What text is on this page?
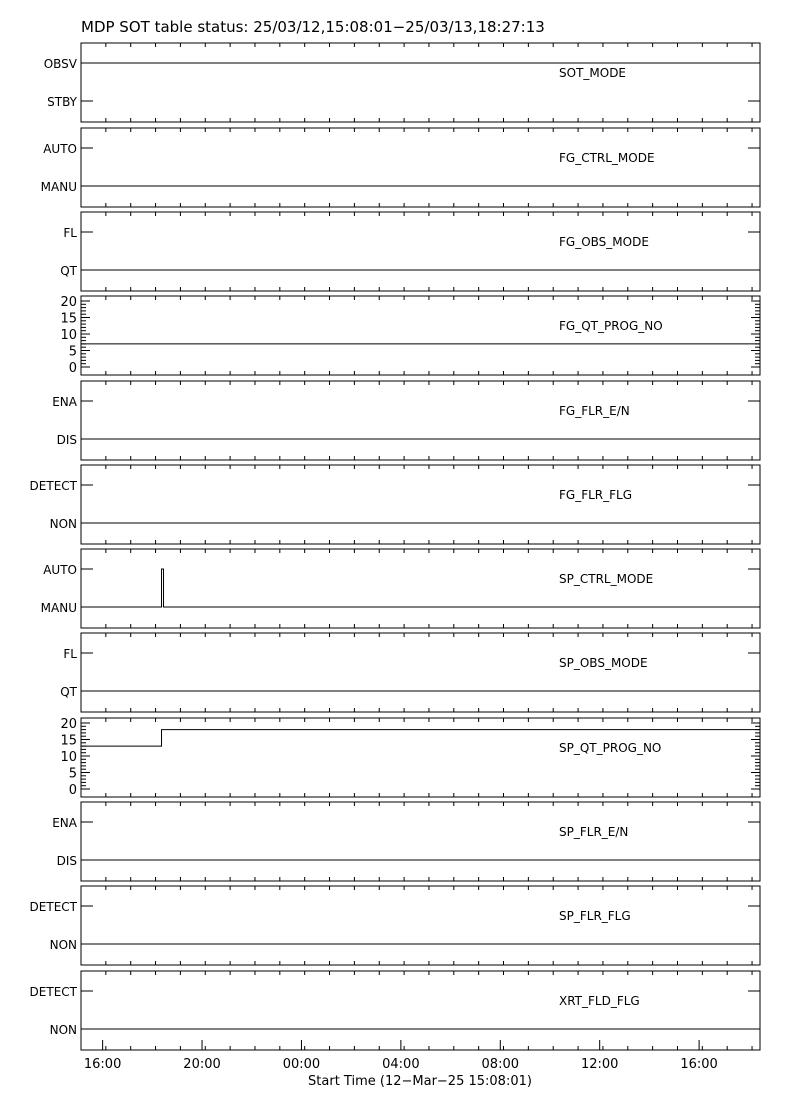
MDP SOT table status: 25/03/12,15:08:01−25/03/13,18:27:13
OBSV
STBY
SOT_MODE
AUTO
MANU
FG_CTRL_MODE
FL
QT
FG_OBS_MODE
20
15
10
5
0
FG_QT_PROG_NO
ENA
DIS
FG_FLR_E/N
DETECT
NON
FG_FLR_FLG
AUTO
MANU
SP_CTRL_MODE
FL
QT
SP_OBS_MODE
20
15
10
5
0
SP_QT_PROG_NO
ENA
DIS
SP_FLR_E/N
DETECT
NON
SP_FLR_FLG
DETECT
NON
XRT_FLD_FLG
16:00	20:00	00:00	04:00	08:00	12:00	16:00
Start Time (12−Mar−25 15:08:01)
